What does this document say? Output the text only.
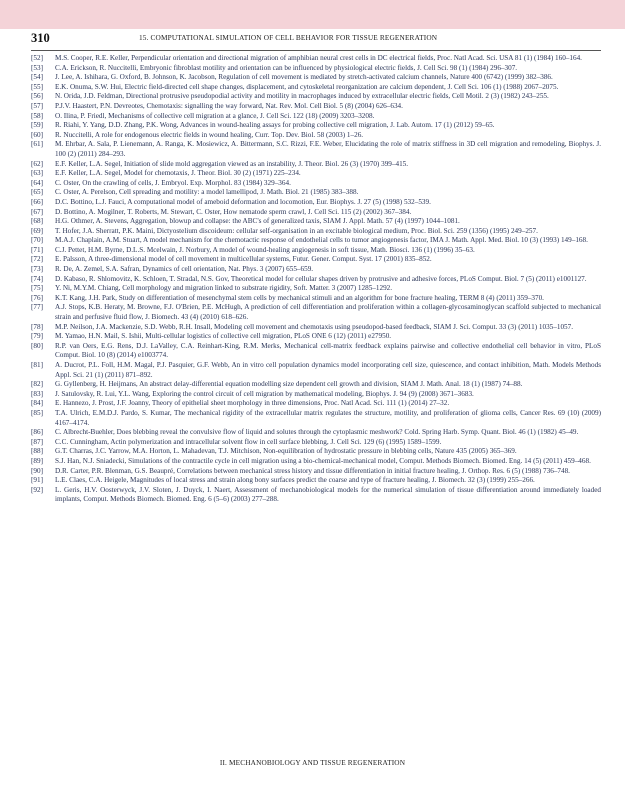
310	15. COMPUTATIONAL SIMULATION OF CELL BEHAVIOR FOR TISSUE REGENERATION
[52]	M.S. Cooper, R.E. Keller, Perpendicular orientation and directional migration of amphibian neural crest cells in DC electrical fields, Proc. Natl Acad. Sci. USA 81 (1) (1984) 160–164.
[53]	C.A. Erickson, R. Nuccitelli, Embryonic fibroblast motility and orientation can be influenced by physiological electric fields, J. Cell Sci. 98 (1) (1984) 296–307.
[54]	J. Lee, A. Ishihara, G. Oxford, B. Johnson, K. Jacobson, Regulation of cell movement is mediated by stretch-activated calcium channels, Nature 400 (6742) (1999) 382–386.
[55]	E.K. Onuma, S.W. Hui, Electric field-directed cell shape changes, displacement, and cytoskeletal reorganization are calcium dependent, J. Cell Sci. 106 (1) (1988) 2067–2075.
[56]	N. Orida, J.D. Feldman, Directional protrusive pseudopodial activity and motility in macrophages induced by extracellular electric fields, Cell Motil. 2 (3) (1982) 243–255.
[57]	P.J.V. Haastert, P.N. Devreotes, Chemotaxis: signalling the way forward, Nat. Rev. Mol. Cell Biol. 5 (8) (2004) 626–634.
[58]	O. Ilina, P. Friedl, Mechanisms of collective cell migration at a glance, J. Cell Sci. 122 (18) (2009) 3203–3208.
[59]	R. Riahi, Y. Yang, D.D. Zhang, P.K. Wong, Advances in wound-healing assays for probing collective cell migration, J. Lab. Autom. 17 (1) (2012) 59–65.
[60]	R. Nuccitelli, A role for endogenous electric fields in wound healing, Curr. Top. Dev. Biol. 58 (2003) 1–26.
[61]	M. Ehrbar, A. Sala, P. Lienemann, A. Ranga, K. Mosiewicz, A. Bittermann, S.C. Rizzi, F.E. Weber, Elucidating the role of matrix stiffness in 3D cell migration and remodeling, Biophys. J. 100 (2) (2011) 284–293.
[62]	E.F. Keller, L.A. Segel, Initiation of slide mold aggregation viewed as an instability, J. Theor. Biol. 26 (3) (1970) 399–415.
[63]	E.F. Keller, L.A. Segel, Model for chemotaxis, J. Theor. Biol. 30 (2) (1971) 225–234.
[64]	C. Oster, On the crawling of cells, J. Embryol. Exp. Morphol. 83 (1984) 329–364.
[65]	C. Oster, A. Perelson, Cell spreading and motility: a model lamellipod, J. Math. Biol. 21 (1985) 383–388.
[66]	D.C. Bottino, L.J. Fauci, A computational model of ameboid deformation and locomotion, Eur. Biophys. J. 27 (5) (1998) 532–539.
[67]	D. Bottino, A. Mogilner, T. Roberts, M. Stewart, C. Oster, How nematode sperm crawl, J. Cell Sci. 115 (2) (2002) 367–384.
[68]	H.G. Othmer, A. Stevens, Aggregation, blowup and collapse: the ABC's of generalized taxis, SIAM J. Appl. Math. 57 (4) (1997) 1044–1081.
[69]	T. Hofer, J.A. Sherratt, P.K. Maini, Dictyostelium discoideum: cellular self-organisation in an excitable biological medium, Proc. Biol. Sci. 259 (1356) (1995) 249–257.
[70]	M.A.J. Chaplain, A.M. Stuart, A model mechanism for the chemotactic response of endothelial cells to tumor angiogenesis factor, IMA J. Math. Appl. Med. Biol. 10 (3) (1993) 149–168.
[71]	C.J. Pettet, H.M. Byrne, D.L.S. Mcelwain, J. Norbury, A model of wound-healing angiogenesis in soft tissue, Math. Biosci. 136 (1) (1996) 35–63.
[72]	E. Palsson, A three-dimensional model of cell movement in multicellular systems, Futur. Gener. Comput. Syst. 17 (2001) 835–852.
[73]	R. De, A. Zemel, S.A. Safran, Dynamics of cell orientation, Nat. Phys. 3 (2007) 655–659.
[74]	D. Kabaso, R. Shlomovitz, K. Schloen, T. Stradal, N.S. Gov, Theoretical model for cellular shapes driven by protrusive and adhesive forces, PLoS Comput. Biol. 7 (5) (2011) e1001127.
[75]	Y. Ni, M.Y.M. Chiang, Cell morphology and migration linked to substrate rigidity, Soft. Matter. 3 (2007) 1285–1292.
[76]	K.T. Kang, J.H. Park, Study on differentiation of mesenchymal stem cells by mechanical stimuli and an algorithm for bone fracture healing, TERM 8 (4) (2011) 359–370.
[77]	A.J. Stops, K.B. Heraty, M. Browne, F.J. O'Brien, P.E. McHugh, A prediction of cell differentiation and proliferation within a collagen-glycosaminoglycan scaffold subjected to mechanical strain and perfusive fluid flow, J. Biomech. 43 (4) (2010) 618–626.
[78]	M.P. Neilson, J.A. Mackenzie, S.D. Webb, R.H. Insall, Modeling cell movement and chemotaxis using pseudopod-based feedback, SIAM J. Sci. Comput. 33 (3) (2011) 1035–1057.
[79]	M. Yamao, H.N. Mail, S. Ishii, Multi-cellular logistics of collective cell migration, PLoS ONE 6 (12) (2011) e27950.
[80]	R.P. van Oers, E.G. Rens, D.J. LaValley, C.A. Reinhart-King, R.M. Merks, Mechanical cell-matrix feedback explains pairwise and collective endothelial cell behavior in vitro, PLoS Comput. Biol. 10 (8) (2014) e1003774.
[81]	A. Ducrot, P.L. Foll, H.M. Magal, P.J. Pasquier, G.F. Webb, An in vitro cell population dynamics model incorporating cell size, quiescence, and contact inhibition, Math. Models Methods Appl. Sci. 21 (1) (2011) 871–892.
[82]	G. Gyllenberg, H. Heijmans, An abstract delay-differential equation modelling size dependent cell growth and division, SIAM J. Math. Anal. 18 (1) (1987) 74–88.
[83]	J. Satulovsky, R. Lui, Y.L. Wang, Exploring the control circuit of cell migration by mathematical modeling, Biophys. J. 94 (9) (2008) 3671–3683.
[84]	E. Hannezo, J. Prost, J.F. Joanny, Theory of epithelial sheet morphology in three dimensions, Proc. Natl Acad. Sci. 111 (1) (2014) 27–32.
[85]	T.A. Ulrich, E.M.D.J. Pardo, S. Kumar, The mechanical rigidity of the extracellular matrix regulates the structure, motility, and proliferation of glioma cells, Cancer Res. 69 (10) (2009) 4167–4174.
[86]	C. Albrecht-Buehler, Does blebbing reveal the convulsive flow of liquid and solutes through the cytoplasmic meshwork? Cold. Spring Harb. Symp. Quant. Biol. 46 (1) (1982) 45–49.
[87]	C.C. Cunningham, Actin polymerization and intracellular solvent flow in cell surface blebbing, J. Cell Sci. 129 (6) (1995) 1589–1599.
[88]	G.T. Charras, J.C. Yarrow, M.A. Horton, L. Mahadevan, T.J. Mitchison, Non-equilibration of hydrostatic pressure in blebbing cells, Nature 435 (2005) 365–369.
[89]	S.J. Han, N.J. Sniadecki, Simulations of the contractile cycle in cell migration using a bio-chemical-mechanical model, Comput. Methods Biomech. Biomed. Eng. 14 (5) (2011) 459–468.
[90]	D.R. Carter, P.R. Blenman, G.S. Beaupré, Correlations between mechanical stress history and tissue differentiation in initial fracture healing, J. Orthop. Res. 6 (5) (1988) 736–748.
[91]	L.E. Claes, C.A. Heigele, Magnitudes of local stress and strain along bony surfaces predict the coarse and type of fracture healing, J. Biomech. 32 (3) (1999) 255–266.
[92]	L. Geris, H.V. Oosterwyck, J.V. Sloten, J. Duyck, I. Naert, Assessment of mechanobiological models for the numerical simulation of tissue differentiation around immediately loaded implants, Comput. Methods Biomech. Biomed. Eng. 6 (5–6) (2003) 277–288.
II. MECHANOBIOLOGY AND TISSUE REGENERATION
